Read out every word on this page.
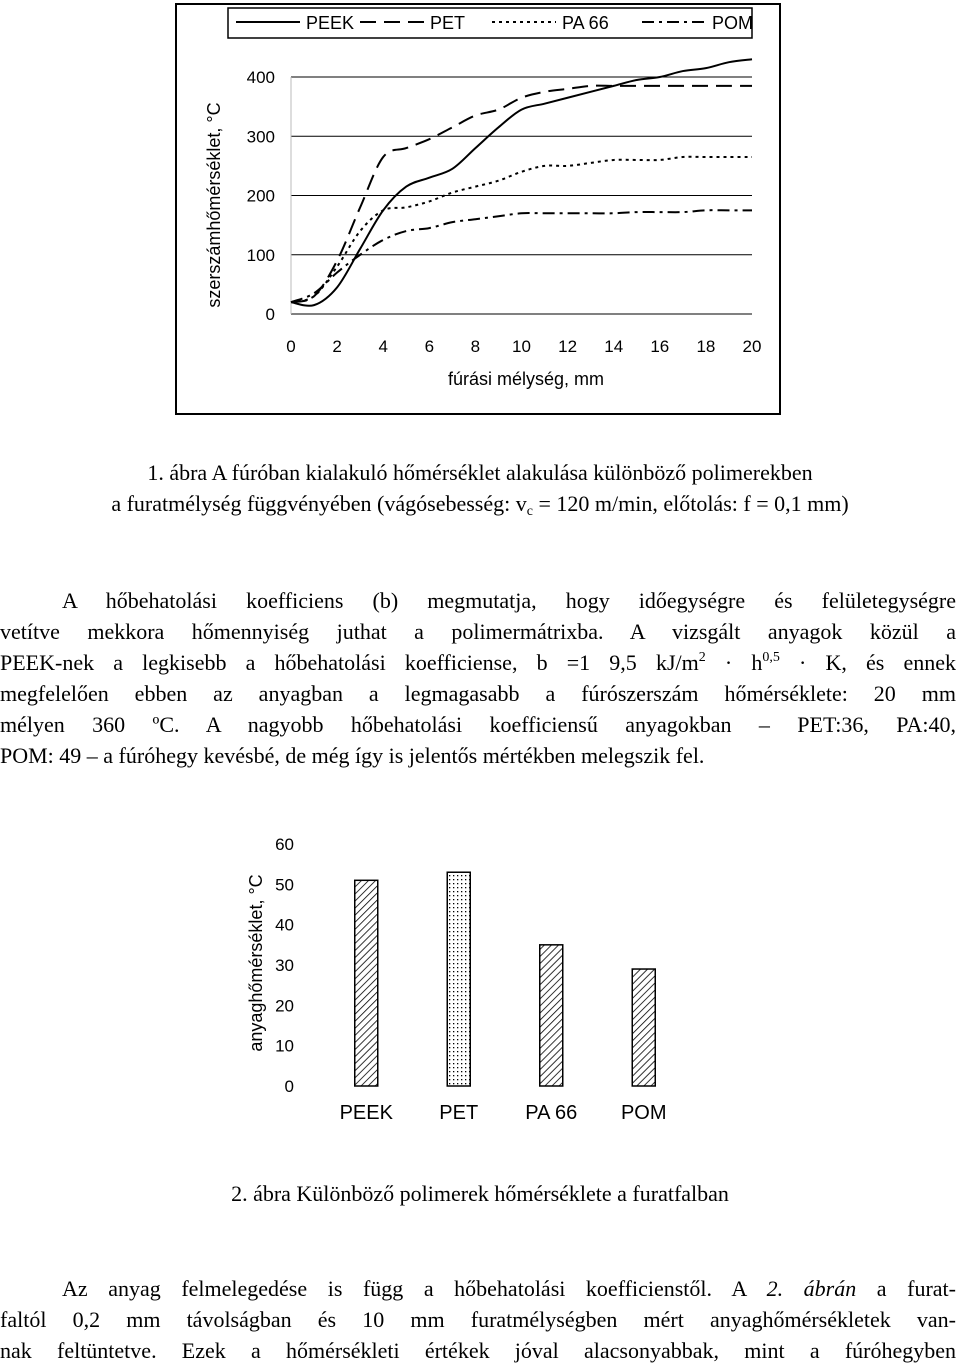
PEEK	PET	PA 66	POM
0
100
200
300
400
0 2 4 6 8 10 12 14 16 18 20
szerszámhőmérséklet, °C
fúrási mélység, mm
1. ábra A fúróban kialakuló hőmérséklet alakulása különböző polimerekben
a furatmélység függvényében (vágósebesség: $v_c = 120$ m/min, előtolás: f = 0,1 mm)
A hőbehatolási koefficiens (b) megmutatja, hogy időegységre és felületegységre
vetítve mekkora hőmennyiség juthat a polimermátrixba. A vizsgált anyagok közül a
PEEK-nek a legkisebb a hőbehatolási koefficiense, b =1 9,5 $kJ/m^2 \cdot h^{0,5} \cdot K$, és ennek
megfelelően ebben az anyagban a legmagasabb a fúrószerszám hőmérséklete: 20 mm
mélyen 360 ºC. A nagyobb hőbehatolási koefficiensű anyagokban – PET:36, PA:40,
POM: 49 – a fúróhegy kevésbé, de még így is jelentős mértékben melegszik fel.
0
10
20
30
40
50
60
PEEK PET PA 66 POM
anyaghőmérséklet, °C
2. ábra Különböző polimerek hőmérséklete a furatfalban
Az anyag felmelegedése is függ a hőbehatolási koefficienstől. A 2. ábrán a furat-
faltól 0,2 mm távolságban és 10 mm furatmélységben mért anyaghőmérsékletek van-
nak feltüntetve. Ezek a hőmérsékleti értékek jóval alacsonyabbak, mint a fúróhegyben
